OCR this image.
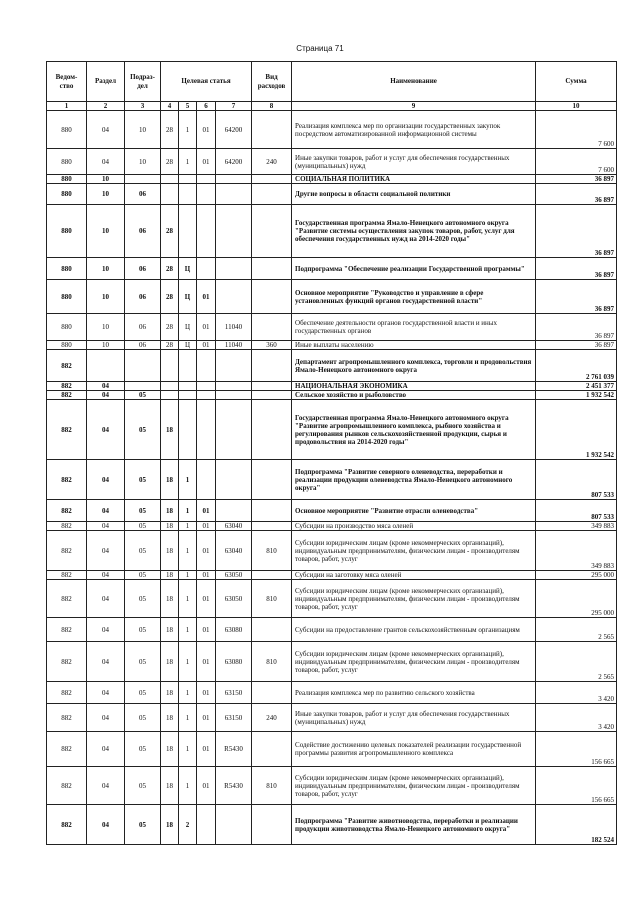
Страница 71
Ведом-ство	Раздел	Подраз-дел	Целевая статья				Вид расходов	Наименование	Сумма
1	2	3	4	5	6	7	8	9	10
880	04	10	28	1	01	64200		Реализация комплекса мер по организации государственных закупок посредством автоматизированной информационной системы	7 600
880	04	10	28	1	01	64200	240	Иные закупки товаров, работ и услуг для обеспечения государственных (муниципальных) нужд	7 600
880	10							СОЦИАЛЬНАЯ ПОЛИТИКА	36 897
880	10	06						Другие вопросы в области социальной политики	36 897
880	10	06	28					Государственная программа Ямало-Ненецкого автономного округа "Развитие системы осуществления закупок товаров, работ, услуг для обеспечения государственных нужд на 2014-2020 годы"	36 897
880	10	06	28	Ц				Подпрограмма "Обеспечение реализации Государственной программы"	36 897
880	10	06	28	Ц	01			Основное мероприятие "Руководство и управление в сфере установленных функций органов государственной власти"	36 897
880	10	06	28	Ц	01	11040		Обеспечение деятельности органов государственной власти и иных государственных органов	36 897
880	10	06	28	Ц	01	11040	360	Иные выплаты населению	36 897
882								Департамент агропромышленного комплекса, торговли и продовольствия Ямало-Ненецкого автономного округа	2 761 039
882	04							НАЦИОНАЛЬНАЯ ЭКОНОМИКА	2 451 377
882	04	05						Сельское хозяйство и рыболовство	1 932 542
882	04	05	18					Государственная программа Ямало-Ненецкого автономного округа "Развитие агропромышленного комплекса, рыбного хозяйства и регулирования рынков сельскохозяйственной продукции, сырья и продовольствия на 2014-2020 годы"	1 932 542
882	04	05	18	1				Подпрограмма "Развитие северного оленеводства, переработки и реализации продукции оленеводства Ямало-Ненецкого автономного округа"	807 533
882	04	05	18	1	01			Основное мероприятие "Развитие отрасли оленеводства"	807 533
882	04	05	18	1	01	63040		Субсидии на производство мяса оленей	349 883
882	04	05	18	1	01	63040	810	Субсидии юридическим лицам (кроме некоммерческих организаций), индивидуальным предпринимателям, физическим лицам - производителям товаров, работ, услуг	349 883
882	04	05	18	1	01	63050		Субсидии на заготовку мяса оленей	295 000
882	04	05	18	1	01	63050	810	Субсидии юридическим лицам (кроме некоммерческих организаций), индивидуальным предпринимателям, физическим лицам - производителям товаров, работ, услуг	295 000
882	04	05	18	1	01	63080		Субсидии на предоставление грантов сельскохозяйственным организациям	2 565
882	04	05	18	1	01	63080	810	Субсидии юридическим лицам (кроме некоммерческих организаций), индивидуальным предпринимателям, физическим лицам - производителям товаров, работ, услуг	2 565
882	04	05	18	1	01	63150		Реализация комплекса мер по развитию сельского хозяйства	3 420
882	04	05	18	1	01	63150	240	Иные закупки товаров, работ и услуг для обеспечения государственных (муниципальных) нужд	3 420
882	04	05	18	1	01	R5430		Содействие достижению целевых показателей реализации государственной программы развития агропромышленного комплекса	156 665
882	04	05	18	1	01	R5430	810	Субсидии юридическим лицам (кроме некоммерческих организаций), индивидуальным предпринимателям, физическим лицам - производителям товаров, работ, услуг	156 665
882	04	05	18	2				Подпрограмма "Развитие животноводства, переработки и реализации продукции животноводства Ямало-Ненецкого автономного округа"	182 524
